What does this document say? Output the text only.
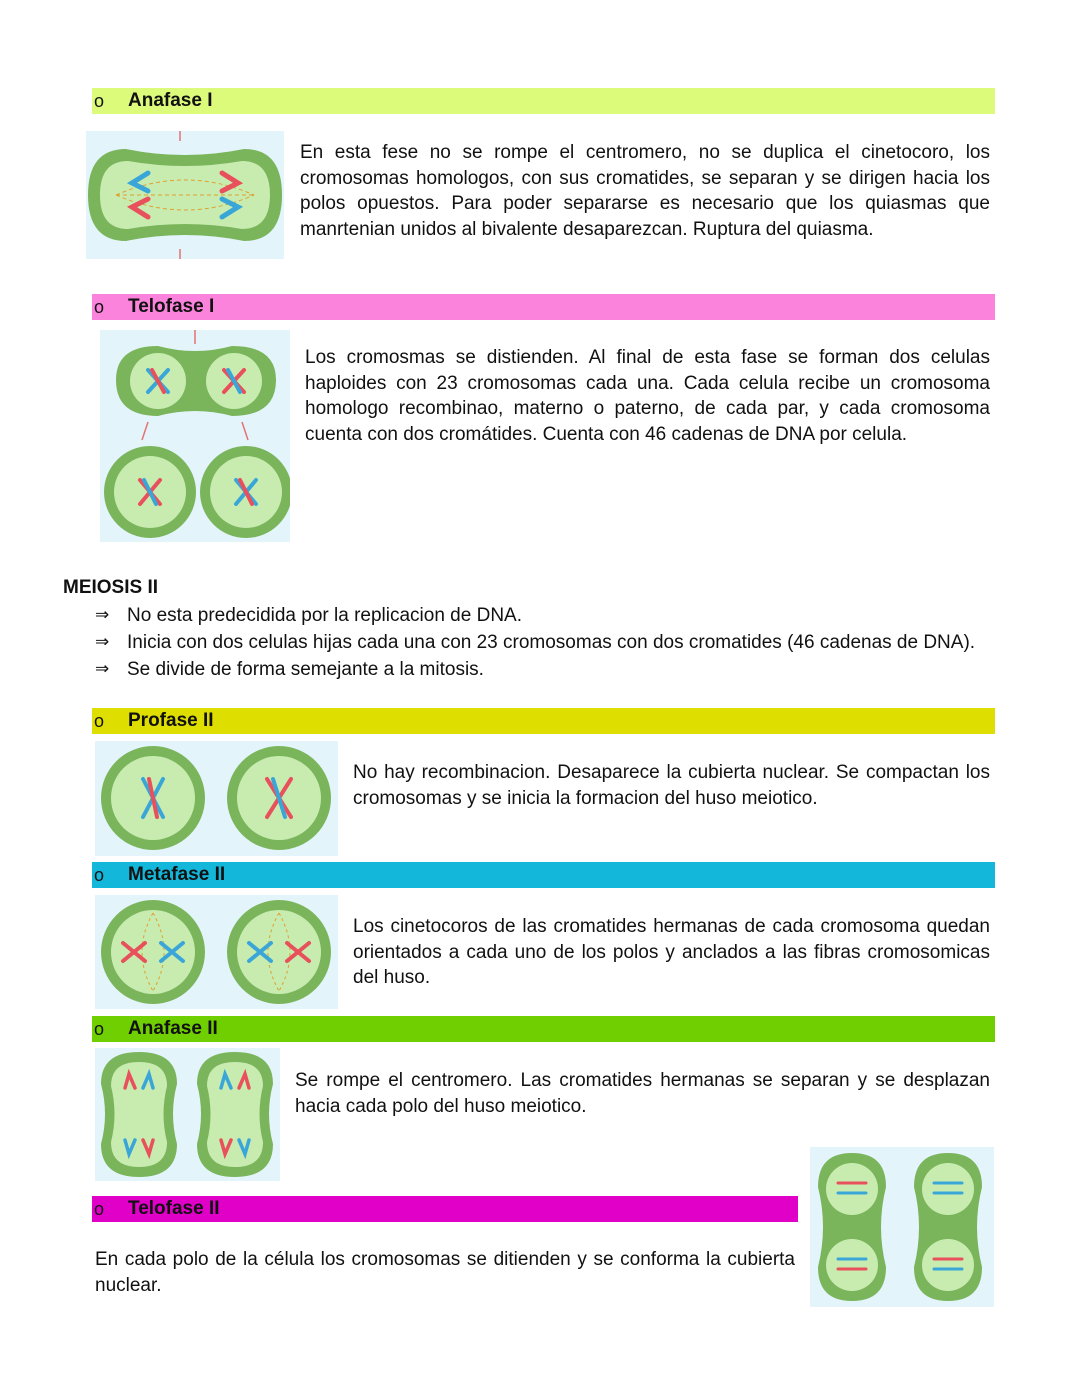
o	Anafase I
En esta fese no se rompe el centromero, no se duplica el cinetocoro, los cromosomas homologos, con sus cromatides, se separan y se dirigen hacia los polos opuestos. Para poder separarse es necesario que los quiasmas que manrtenian unidos al bivalente desaparezcan. Ruptura del quiasma.
o	Telofase I
Los cromosmas se distienden. Al final de esta fase se forman dos celulas haploides con 23 cromosomas cada una. Cada celula recibe un cromosoma homologo recombinao, materno o paterno, de cada par, y cada cromosoma cuenta con dos cromátides. Cuenta con 46 cadenas de DNA por celula.
MEIOSIS II
⇒ No esta predecidida por la replicacion de DNA.
⇒ Inicia con dos celulas hijas cada una con 23 cromosomas con dos cromatides (46 cadenas de DNA).
⇒ Se divide de forma semejante a la mitosis.
o	Profase II
No hay recombinacion. Desaparece la cubierta nuclear. Se compactan los cromosomas y se inicia la formacion del huso meiotico.
o	Metafase II
Los cinetocoros de las cromatides hermanas de cada cromosoma quedan orientados a cada uno de los polos y anclados a las fibras cromosomicas del huso.
o	Anafase II
Se rompe el centromero. Las cromatides hermanas se separan y se desplazan hacia cada polo del huso meiotico.
o	Telofase II
En cada polo de la célula los cromosomas se ditienden y se conforma la cubierta nuclear.
